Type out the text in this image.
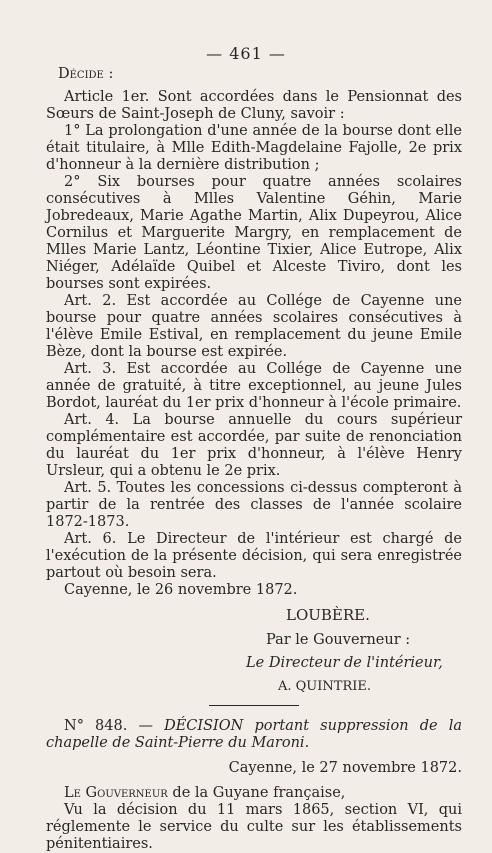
— 461 —

Décide :

Article 1er. Sont accordées dans le Pensionnat des Sœurs de Saint-Joseph de Cluny, savoir :

1° La prolongation d'une année de la bourse dont elle était titulaire, à Mlle Edith-Magdelaine Fajolle, 2e prix d'honneur à la dernière distribution ;

2° Six bourses pour quatre années scolaires consécutives à Mlles Valentine Géhin, Marie Jobredeaux, Marie Agathe Martin, Alix Dupeyrou, Alice Cornilus et Marguerite Margry, en remplacement de Mlles Marie Lantz, Léontine Tixier, Alice Eutrope, Alix Niéger, Adélaïde Quibel et Alceste Tiviro, dont les bourses sont expirées.

Art. 2. Est accordée au Collége de Cayenne une bourse pour quatre années scolaires consécutives à l'élève Emile Estival, en remplacement du jeune Emile Bèze, dont la bourse est expirée.

Art. 3. Est accordée au Collége de Cayenne une année de gratuité, à titre exceptionnel, au jeune Jules Bordot, lauréat du 1er prix d'honneur à l'école primaire.

Art. 4. La bourse annuelle du cours supérieur complémentaire est accordée, par suite de renonciation du lauréat du 1er prix d'honneur, à l'élève Henry Ursleur, qui a obtenu le 2e prix.

Art. 5. Toutes les concessions ci-dessus compteront à partir de la rentrée des classes de l'année scolaire 1872-1873.

Art. 6. Le Directeur de l'intérieur est chargé de l'exécution de la présente décision, qui sera enregistrée partout où besoin sera.

Cayenne, le 26 novembre 1872.

LOUBÈRE.
Par le Gouverneur :
Le Directeur de l'intérieur,
A. QUINTRIE.

N° 848. — DÉCISION portant suppression de la chapelle de Saint-Pierre du Maroni.

Cayenne, le 27 novembre 1872.

Le Gouverneur de la Guyane française,

Vu la décision du 11 mars 1865, section VI, qui réglemente le service du culte sur les établissements pénitentiaires.
